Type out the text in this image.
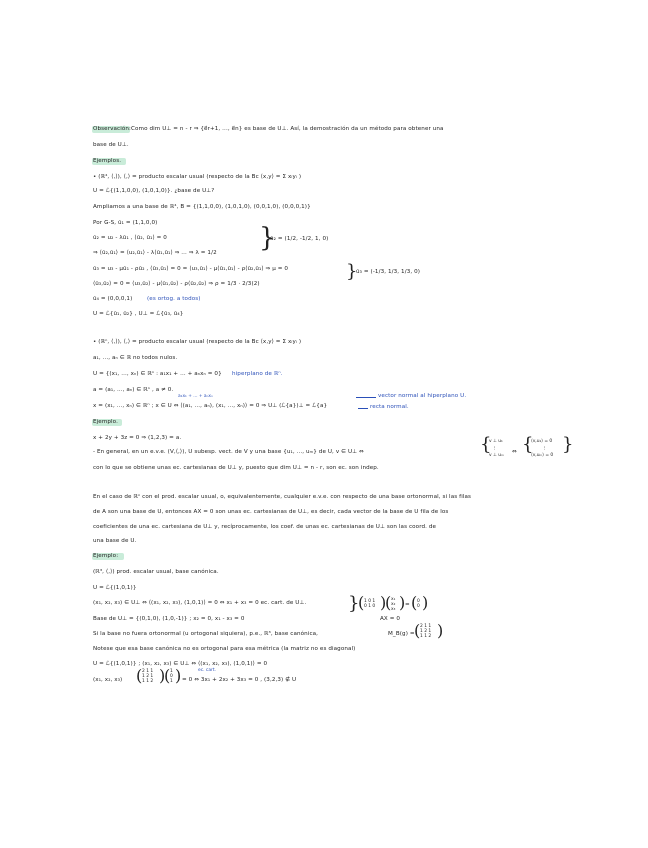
Observación: Como dim U⊥ = n - r ⇒ {e⃗r+1, ..., e⃗n} es base de U⊥. Así, la demostración da un método para obtener una
base de U⊥.
Ejemplos.
• (ℝ⁴, ⟨,⟩), ⟨,⟩ = producto escalar usual (respecto de la Bc ⟨x,y⟩ = Σ xᵢyᵢ )
U = ℒ{(1,1,0,0), (1,0,1,0)}. ¿base de U⊥?
Ampliamos a una base de ℝ⁴, B = {(1,1,0,0), (1,0,1,0), (0,0,1,0), (0,0,0,1)}
Por G-S, ū₁ = (1,1,0,0)
ū₂ = u₂ - λū₁ , ⟨ū₂, ū₁⟩ = 0
⇒ ⟨ū₂,ū₁⟩ = ⟨u₂,ū₁⟩ - λ⟨ū₁,ū₁⟩ ⇒ ... ⇒ λ = 1/2 }
ū₂ = (1/2, -1/2, 1, 0)
ū₃ = u₃ - μū₁ - ρū₂ , ⟨ū₃,ū₁⟩ = 0 = ⟨u₃,ū₁⟩ - μ⟨ū₁,ū₁⟩ - ρ⟨ū₂,ū₁⟩ ⇒ μ = 0
⟨ū₃,ū₂⟩ = 0 = ⟨u₃,ū₂⟩ - μ⟨ū₁,ū₂⟩ - ρ⟨ū₂,ū₂⟩ ⇒ ρ = 1/3 · 2/3(2)
}
ū₃ = (-1/3, 1/3, 1/3, 0)
ū₄ = (0,0,0,1)	(es ortog. a todos)
U = ℒ{ū₁, ū₂} , U⊥ = ℒ{ū₃, ū₄}
• (ℝⁿ, ⟨,⟩), ⟨,⟩ = producto escalar usual (respecto de la Bc ⟨x,y⟩ = Σ xᵢyᵢ )
a₁, ..., aₙ ∈ ℝ no todos nulos.
U = {(x₁, ..., xₙ) ∈ ℝⁿ : a₁x₁ + ... + aₙxₙ = 0} hiperplano de ℝⁿ.
a = (a₁, ..., aₙ) ∈ ℝⁿ , a ≠ 0.
a₁x₁ + ... + aₙxₙ
x = (x₁, ..., xₙ) ∈ ℝⁿ ; x ∈ U ⇔ ⟨(a₁, ..., aₙ), (x₁, ..., xₙ)⟩ = 0 ⇒ U⊥ (ℒ{a})⊥ = ℒ{a}
vector normal al hiperplano U.
recta normal.
Ejemplo.
x + 2y + 3z = 0 ⇒ (1,2,3) = a.
- En general, en un e.v.e. (V,⟨,⟩), U subesp. vect. de V y una base {u₁, ..., uₘ} de U, v ∈ U⊥ ⇔	{
v ⊥ u₁
⋮
v ⊥ uₘ
⇔ {
⟨v,u₁⟩ = 0
⋮
⟨v,uₘ⟩ = 0
}
con lo que se obtiene unas ec. cartesianas de U⊥ y, puesto que dim U⊥ = n - r, son ec. son indep.
En el caso de ℝⁿ con el prod. escalar usual, o, equivalentemente, cualquier e.v.e. con respecto de una base ortonormal, si las filas
de A son una base de U, entonces AX = 0 son unas ec. cartesianas de U⊥, es decir, cada vector de la base de U fila de los
coeficientes de una ec. cartesiana de U⊥ y, recíprocamente, los coef. de unas ec. cartesianas de U⊥ son las coord. de
una base de U.
Ejemplo:
(ℝ³, ⟨,⟩) prod. escalar usual, base canónica.
U = ℒ{(1,0,1)}
(x₁, x₂, x₃) ∈ U⊥ ⇔ ⟨(x₁, x₂, x₃), (1,0,1)⟩ = 0 ⇔ x₁ + x₃ = 0 ec. cart. de U⊥.
Base de U⊥ = {(0,1,0), (1,0,-1)} ; x₂ = 0, x₁ - x₃ = 0
}
( 1 0 1
0 1 0 )
( x₁
x₂
x₃ ) = ( 0
0 )
AX = 0
Si la base no fuera ortonormal (u ortogonal siquiera), p.e., ℝ³, base canónica,	M_B(g) = ( 2 1 1
1 2 1
1 1 2 )
Notese que esa base canónica no es ortogonal para esa métrica (la matriz no es diagonal)
U = ℒ{(1,0,1)} ; (x₁, x₂, x₃) ∈ U⊥ ⇔ ⟨(x₁, x₂, x₃), (1,0,1)⟩ = 0
(x₁, x₂, x₃) ( 2 1 1
1 2 1
1 1 2 )
( 1
0
1 )	ec. cart.
= 0 ⇔ 3x₁ + 2x₂ + 3x₃ = 0 , (3,2,3) ∉ U
